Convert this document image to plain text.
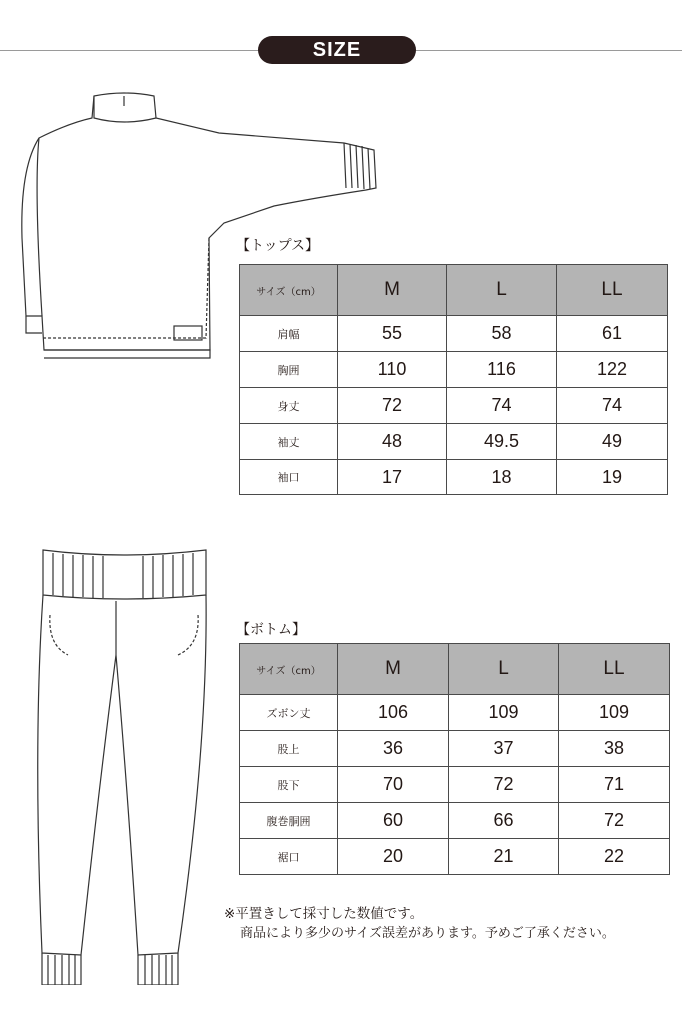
SIZE
【トップス】
サイズ（cm）	M	L	LL
肩幅	55	58	61
胸囲	110	116	122
身丈	72	74	74
袖丈	48	49.5	49
袖口	17	18	19
【ボトム】
サイズ（cm）	M	L	LL
ズボン丈	106	109	109
股上	36	37	38
股下	70	72	71
腹巻胴囲	60	66	72
裾口	20	21	22
※平置きして採寸した数値です。
商品により多少のサイズ誤差があります。予めご了承ください。
